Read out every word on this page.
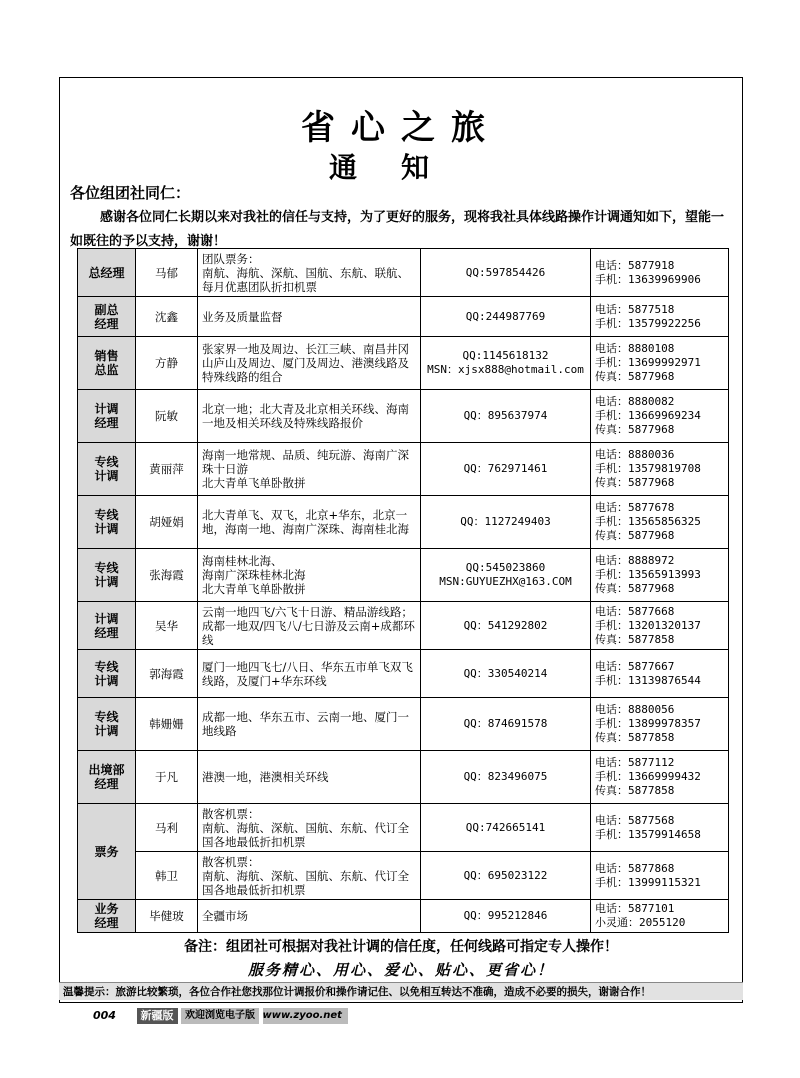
省心之旅
通知
各位组团社同仁：
感谢各位同仁长期以来对我社的信任与支持，为了更好的服务，现将我社具体线路操作计调通知如下，望能一如既往的予以支持，谢谢！
总经理	马郁	团队票务：
南航、海航、深航、国航、东航、联航、每月优惠团队折扣机票	QQ:597854426	电话：5877918
手机：13639969906
副总
经理	沈鑫	业务及质量监督	QQ:244987769	电话：5877518
手机：13579922256
销售
总监	方静	张家界一地及周边、长江三峡、南昌井冈山庐山及周边、厦门及周边、港澳线路及特殊线路的组合	QQ:1145618132
MSN：xjsx888@hotmail.com	电话：8880108
手机：13699992971
传真：5877968
计调
经理	阮敏	北京一地；北大青及北京相关环线、海南一地及相关环线及特殊线路报价	QQ：895637974	电话：8880082
手机：13669969234
传真：5877968
专线
计调	黄丽萍	海南一地常规、品质、纯玩游、海南广深珠十日游
北大青单飞单卧散拼	QQ：762971461	电话：8880036
手机：13579819708
传真：5877968
专线
计调	胡娅娟	北大青单飞、双飞，北京+华东，北京一地，海南一地、海南广深珠、海南桂北海	QQ：1127249403	电话：5877678
手机：13565856325
传真：5877968
专线
计调	张海霞	海南桂林北海、
海南广深珠桂林北海
北大青单飞单卧散拼	QQ:545023860
MSN:GUYUEZHX@163.COM	电话：8888972
手机：13565913993
传真：5877968
计调
经理	吴华	云南一地四飞/六飞十日游、精品游线路；成都一地双/四飞八/七日游及云南+成都环线	QQ：541292802	电话：5877668
手机：13201320137
传真：5877858
专线
计调	郭海霞	厦门一地四飞七/八日、华东五市单飞双飞线路，及厦门+华东环线	QQ：330540214	电话：5877667
手机：13139876544
专线
计调	韩姗姗	成都一地、华东五市、云南一地、厦门一地线路	QQ：874691578	电话：8880056
手机：13899978357
传真：5877858
出境部
经理	于凡	港澳一地，港澳相关环线	QQ：823496075	电话：5877112
手机：13669999432
传真：5877858
票务	马利	散客机票：
南航、海航、深航、国航、东航、代订全国各地最低折扣机票	QQ:742665141	电话：5877568
手机：13579914658
	韩卫	散客机票：
南航、海航、深航、国航、东航、代订全国各地最低折扣机票	QQ：695023122	电话：5877868
手机：13999115321
业务
经理	毕健玻	全疆市场	QQ：995212846	电话：5877101
小灵通：2055120
备注：组团社可根据对我社计调的信任度，任何线路可指定专人操作！
服务精心、用心、爱心、贴心、更省心！
温馨提示：旅游比较繁琐，各位合作社您找那位计调报价和操作请记住、以免相互转达不准确，造成不必要的损失，谢谢合作！
004 新疆版 欢迎浏览电子版 www.zyoo.net
